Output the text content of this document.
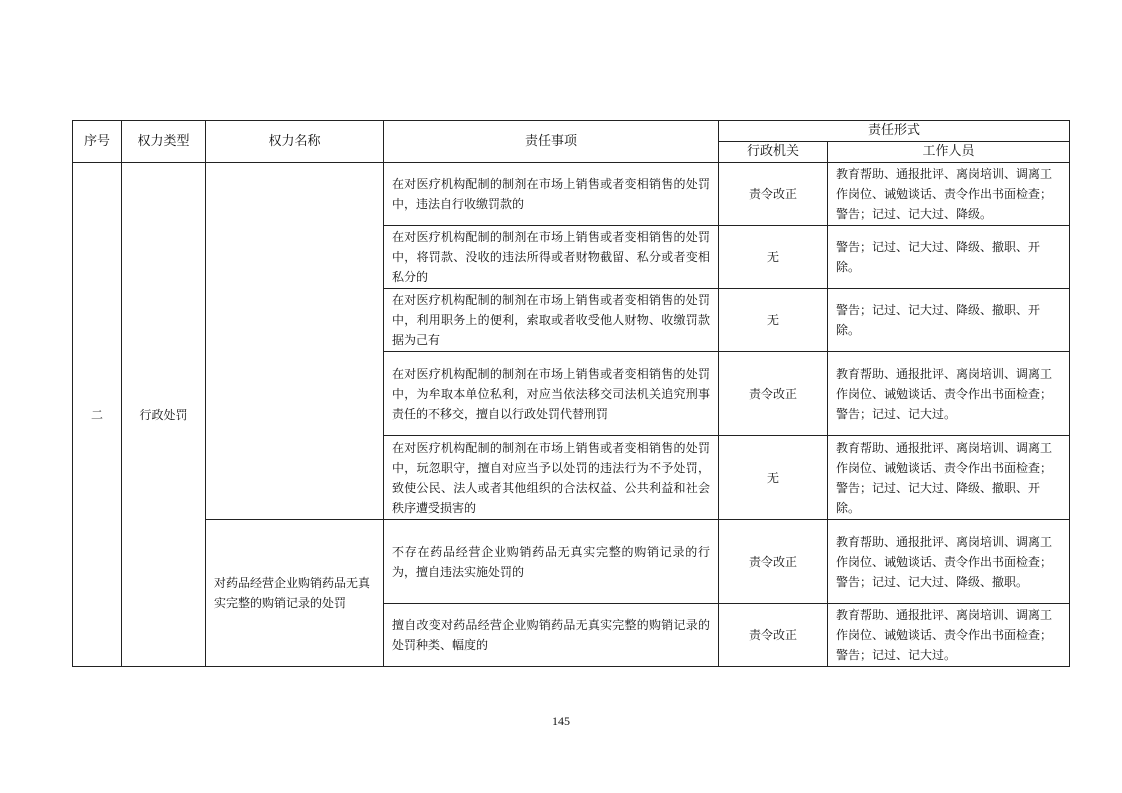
序号	权力类型	权力名称	责任事项	责任形式	
				行政机关	工作人员
二	行政处罚		在对医疗机构配制的制剂在市场上销售或者变相销售的处罚中，违法自行收缴罚款的	责令改正	教育帮助、通报批评、离岗培训、调离工作岗位、诫勉谈话、责令作出书面检查；警告；记过、记大过、降级。
			在对医疗机构配制的制剂在市场上销售或者变相销售的处罚中，将罚款、没收的违法所得或者财物截留、私分或者变相私分的	无	警告；记过、记大过、降级、撤职、开除。
			在对医疗机构配制的制剂在市场上销售或者变相销售的处罚中，利用职务上的便利，索取或者收受他人财物、收缴罚款据为己有	无	警告；记过、记大过、降级、撤职、开除。
			在对医疗机构配制的制剂在市场上销售或者变相销售的处罚中，为牟取本单位私利，对应当依法移交司法机关追究刑事责任的不移交，擅自以行政处罚代替刑罚	责令改正	教育帮助、通报批评、离岗培训、调离工作岗位、诫勉谈话、责令作出书面检查；警告；记过、记大过。
			在对医疗机构配制的制剂在市场上销售或者变相销售的处罚中，玩忽职守，擅自对应当予以处罚的违法行为不予处罚，致使公民、法人或者其他组织的合法权益、公共利益和社会秩序遭受损害的	无	教育帮助、通报批评、离岗培训、调离工作岗位、诫勉谈话、责令作出书面检查；警告；记过、记大过、降级、撤职、开除。
		对药品经营企业购销药品无真实完整的购销记录的处罚	不存在药品经营企业购销药品无真实完整的购销记录的行为，擅自违法实施处罚的	责令改正	教育帮助、通报批评、离岗培训、调离工作岗位、诫勉谈话、责令作出书面检查；警告；记过、记大过、降级、撤职。
			擅自改变对药品经营企业购销药品无真实完整的购销记录的处罚种类、幅度的	责令改正	教育帮助、通报批评、离岗培训、调离工作岗位、诫勉谈话、责令作出书面检查；警告；记过、记大过。
145
